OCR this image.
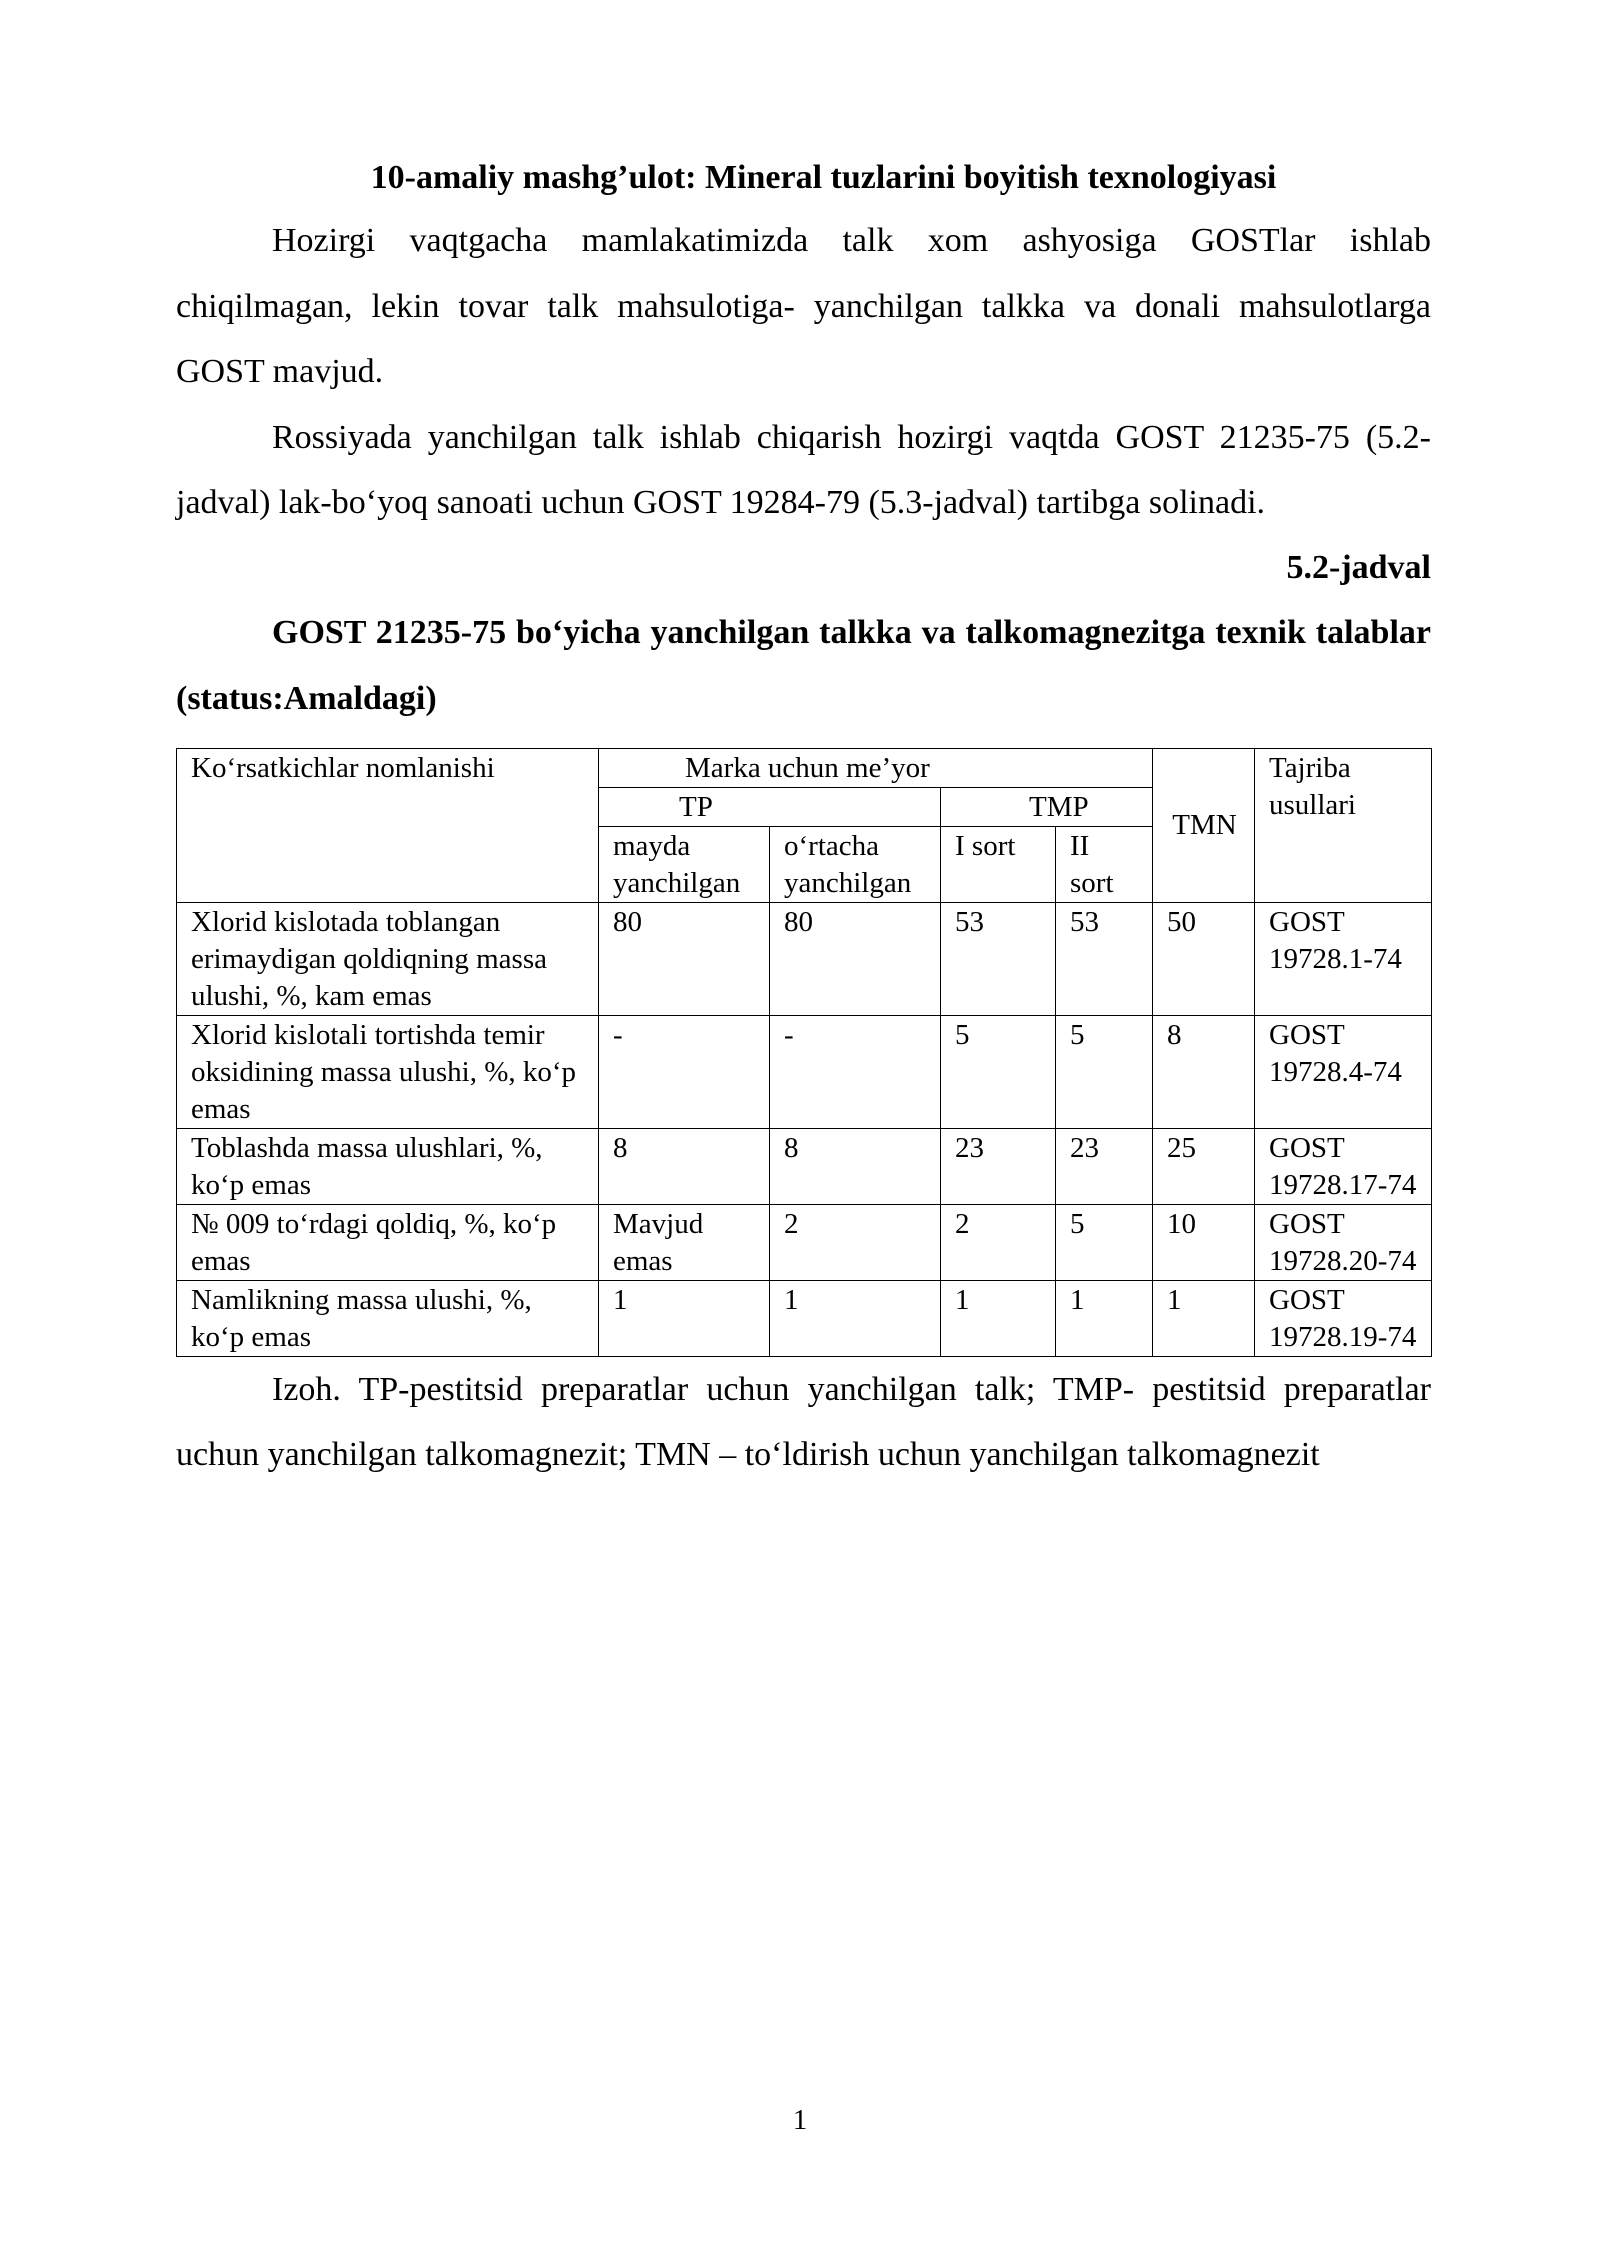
10-amaliy mashg’ulot: Mineral tuzlarini boyitish texnologiyasi

Hozirgi vaqtgacha mamlakatimizda talk xom ashyosiga GOSTlar ishlab chiqilmagan, lekin tovar talk mahsulotiga- yanchilgan talkka va donali mahsulotlarga GOST mavjud.

Rossiyada yanchilgan talk ishlab chiqarish hozirgi vaqtda GOST 21235-75 (5.2-jadval) lak-bo‘yoq sanoati uchun GOST 19284-79 (5.3-jadval) tartibga solinadi.

5.2-jadval

GOST 21235-75 bo‘yicha yanchilgan talkka va talkomagnezitga texnik talablar (status:Amaldagi)

Ko‘rsatkichlar nomlanishi	Marka uchun me’yor				TMN	Tajriba usullari
	TP		TMP			
	mayda yanchilgan	o‘rtacha yanchilgan	I sort	II sort		
Xlorid kislotada toblangan erimaydigan qoldiqning massa ulushi, %, kam emas	80	80	53	53	50	GOST 19728.1-74
Xlorid kislotali tortishda temir oksidining massa ulushi, %, ko‘p emas	-	-	5	5	8	GOST 19728.4-74
Toblashda massa ulushlari, %, ko‘p emas	8	8	23	23	25	GOST 19728.17-74
№ 009 to‘rdagi qoldiq, %, ko‘p emas	Mavjud emas	2	2	5	10	GOST 19728.20-74
Namlikning massa ulushi, %, ko‘p emas	1	1	1	1	1	GOST 19728.19-74

Izoh. TP-pestitsid preparatlar uchun yanchilgan talk; TMP- pestitsid preparatlar uchun yanchilgan talkomagnezit; TMN – to‘ldirish uchun yanchilgan talkomagnezit

1
